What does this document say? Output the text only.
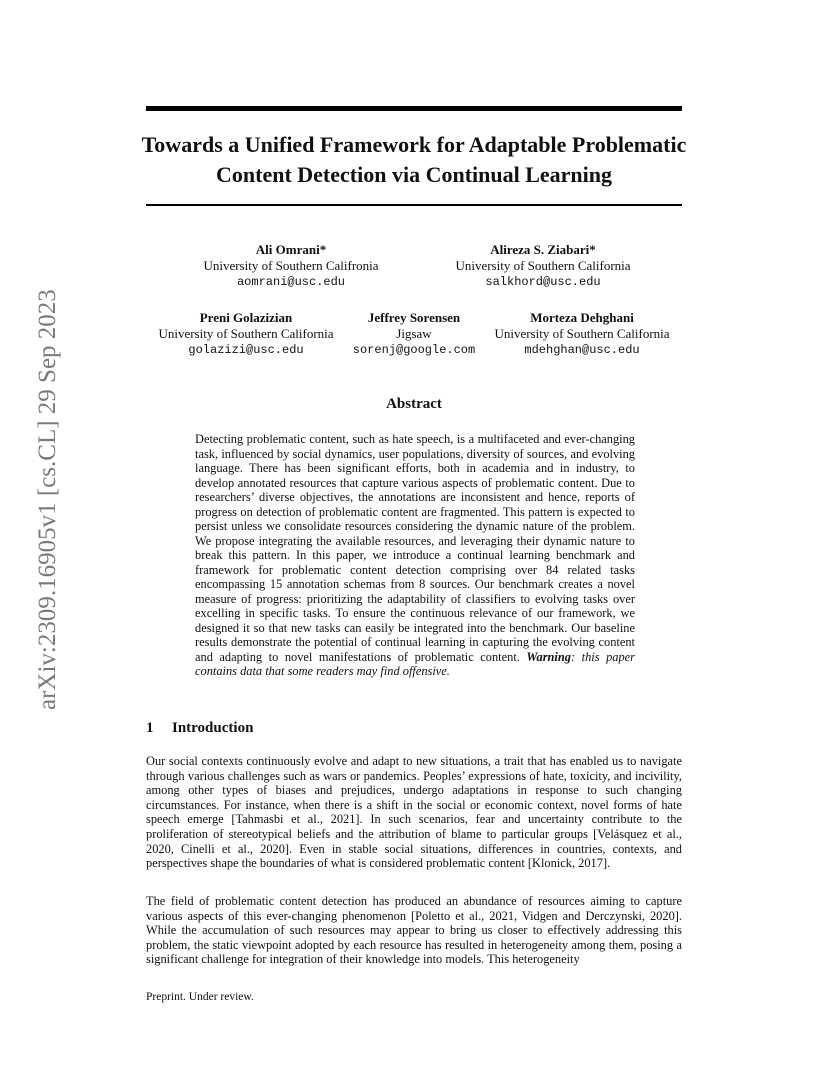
arXiv:2309.16905v1 [cs.CL] 29 Sep 2023
Towards a Unified Framework for Adaptable Problematic Content Detection via Continual Learning
Ali Omrani*
University of Southern Califronia
aomrani@usc.edu
Alireza S. Ziabari*
University of Southern California
salkhord@usc.edu
Preni Golazizian
University of Southern California
golazizi@usc.edu
Jeffrey Sorensen
Jigsaw
sorenj@google.com
Morteza Dehghani
University of Southern California
mdehghan@usc.edu
Abstract
Detecting problematic content, such as hate speech, is a multifaceted and ever-changing task, influenced by social dynamics, user populations, diversity of sources, and evolving language. There has been significant efforts, both in academia and in industry, to develop annotated resources that capture various aspects of problematic content. Due to researchers’ diverse objectives, the annotations are inconsistent and hence, reports of progress on detection of problematic content are fragmented. This pattern is expected to persist unless we consolidate resources considering the dynamic nature of the problem. We propose integrating the available resources, and leveraging their dynamic nature to break this pattern. In this paper, we introduce a continual learning benchmark and framework for problematic content detection comprising over 84 related tasks encompassing 15 annotation schemas from 8 sources. Our benchmark creates a novel measure of progress: prioritizing the adaptability of classifiers to evolving tasks over excelling in specific tasks. To ensure the continuous relevance of our framework, we designed it so that new tasks can easily be integrated into the benchmark. Our baseline results demonstrate the potential of continual learning in capturing the evolving content and adapting to novel manifestations of problematic content. Warning: this paper contains data that some readers may find offensive.
1 Introduction
Our social contexts continuously evolve and adapt to new situations, a trait that has enabled us to navigate through various challenges such as wars or pandemics. Peoples’ expressions of hate, toxicity, and incivility, among other types of biases and prejudices, undergo adaptations in response to such changing circumstances. For instance, when there is a shift in the social or economic context, novel forms of hate speech emerge [Tahmasbi et al., 2021]. In such scenarios, fear and uncertainty contribute to the proliferation of stereotypical beliefs and the attribution of blame to particular groups [Velásquez et al., 2020, Cinelli et al., 2020]. Even in stable social situations, differences in countries, contexts, and perspectives shape the boundaries of what is considered problematic content [Klonick, 2017].
The field of problematic content detection has produced an abundance of resources aiming to capture various aspects of this ever-changing phenomenon [Poletto et al., 2021, Vidgen and Derczynski, 2020]. While the accumulation of such resources may appear to bring us closer to effectively addressing this problem, the static viewpoint adopted by each resource has resulted in heterogeneity among them, posing a significant challenge for integration of their knowledge into models. This heterogeneity
Preprint. Under review.
